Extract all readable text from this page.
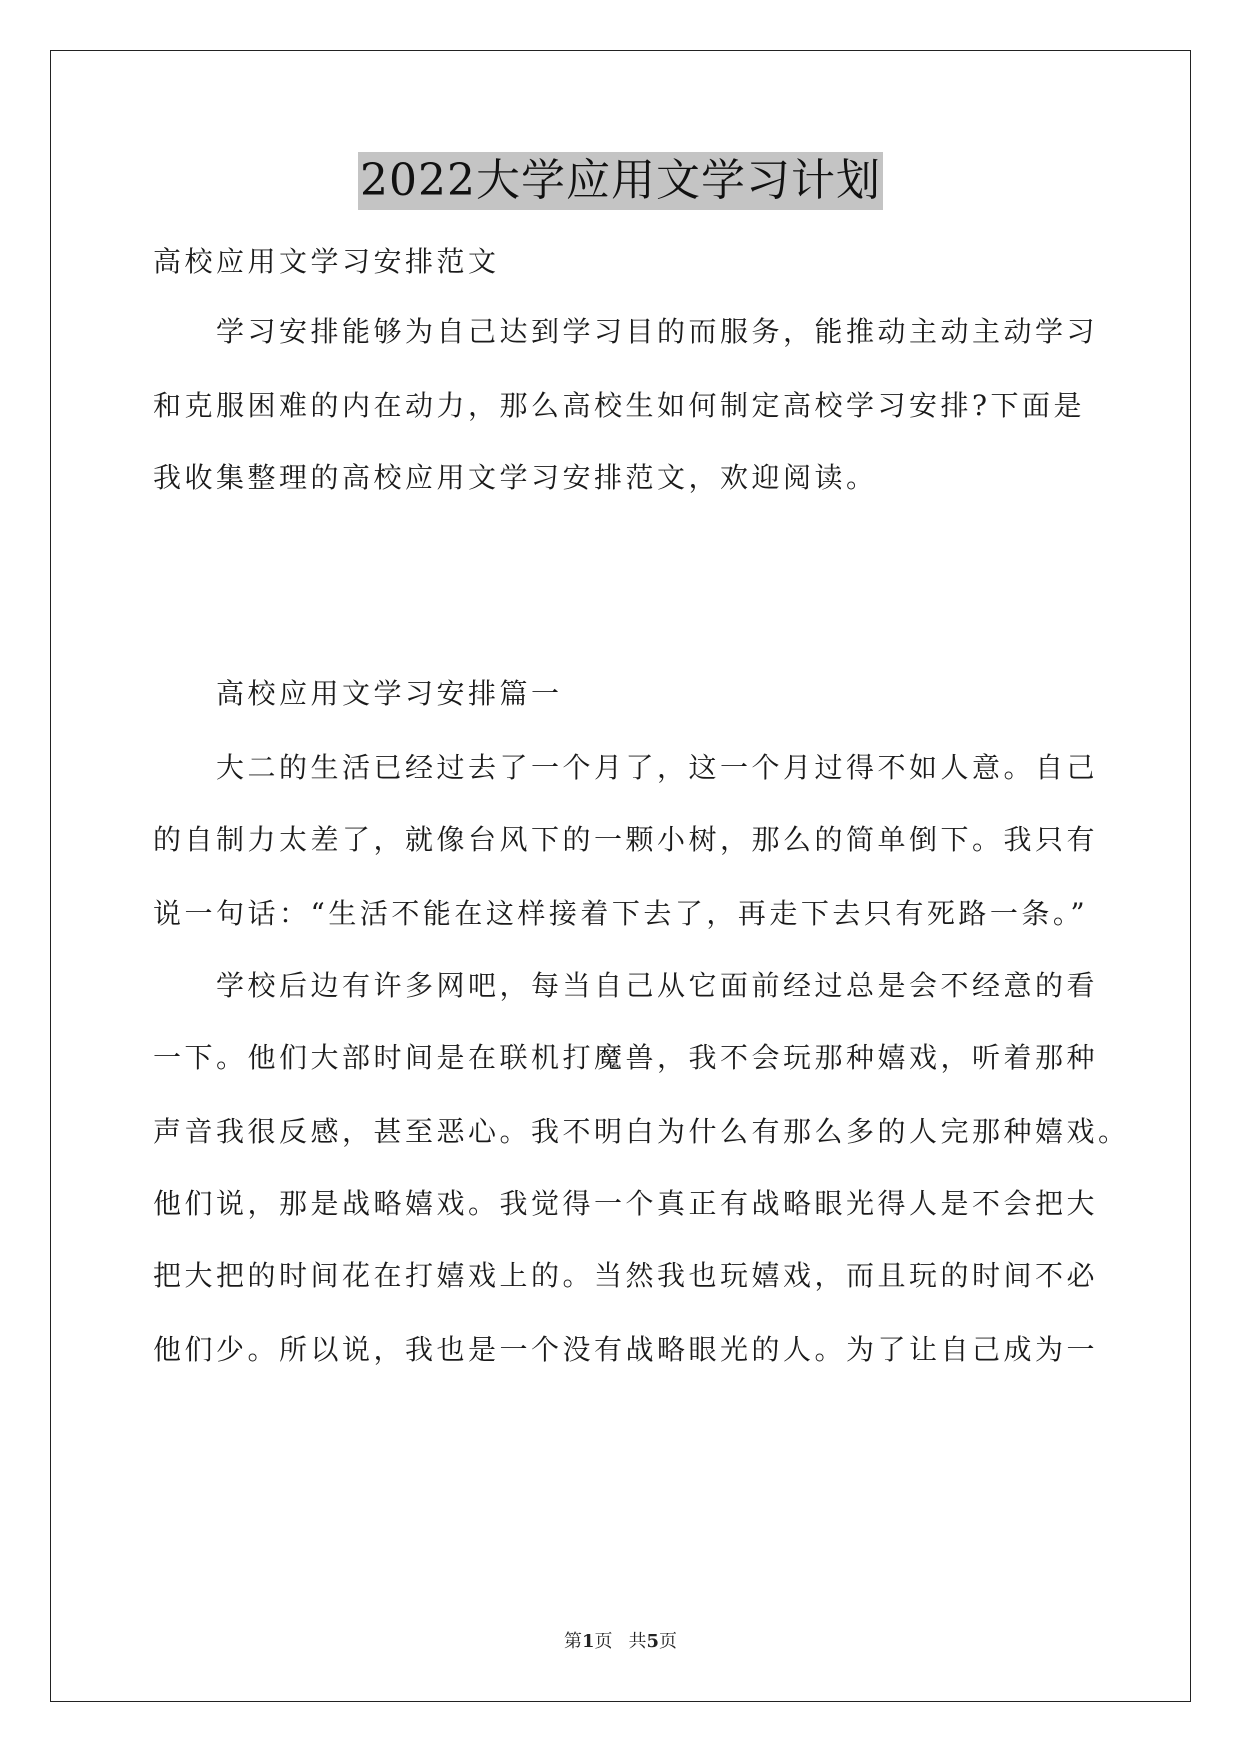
2022大学应用文学习计划
高校应用文学习安排范文
学习安排能够为自己达到学习目的而服务，能推动主动主动学习
和克服困难的内在动力，那么高校生如何制定高校学习安排?下面是
我收集整理的高校应用文学习安排范文，欢迎阅读。
高校应用文学习安排篇一
大二的生活已经过去了一个月了，这一个月过得不如人意。自己
的自制力太差了，就像台风下的一颗小树，那么的简单倒下。我只有
说一句话：“生活不能在这样接着下去了，再走下去只有死路一条。”
学校后边有许多网吧，每当自己从它面前经过总是会不经意的看
一下。他们大部时间是在联机打魔兽，我不会玩那种嬉戏，听着那种
声音我很反感，甚至恶心。我不明白为什么有那么多的人完那种嬉戏。
他们说，那是战略嬉戏。我觉得一个真正有战略眼光得人是不会把大
把大把的时间花在打嬉戏上的。当然我也玩嬉戏，而且玩的时间不必
他们少。所以说，我也是一个没有战略眼光的人。为了让自己成为一
第1页 共5页
